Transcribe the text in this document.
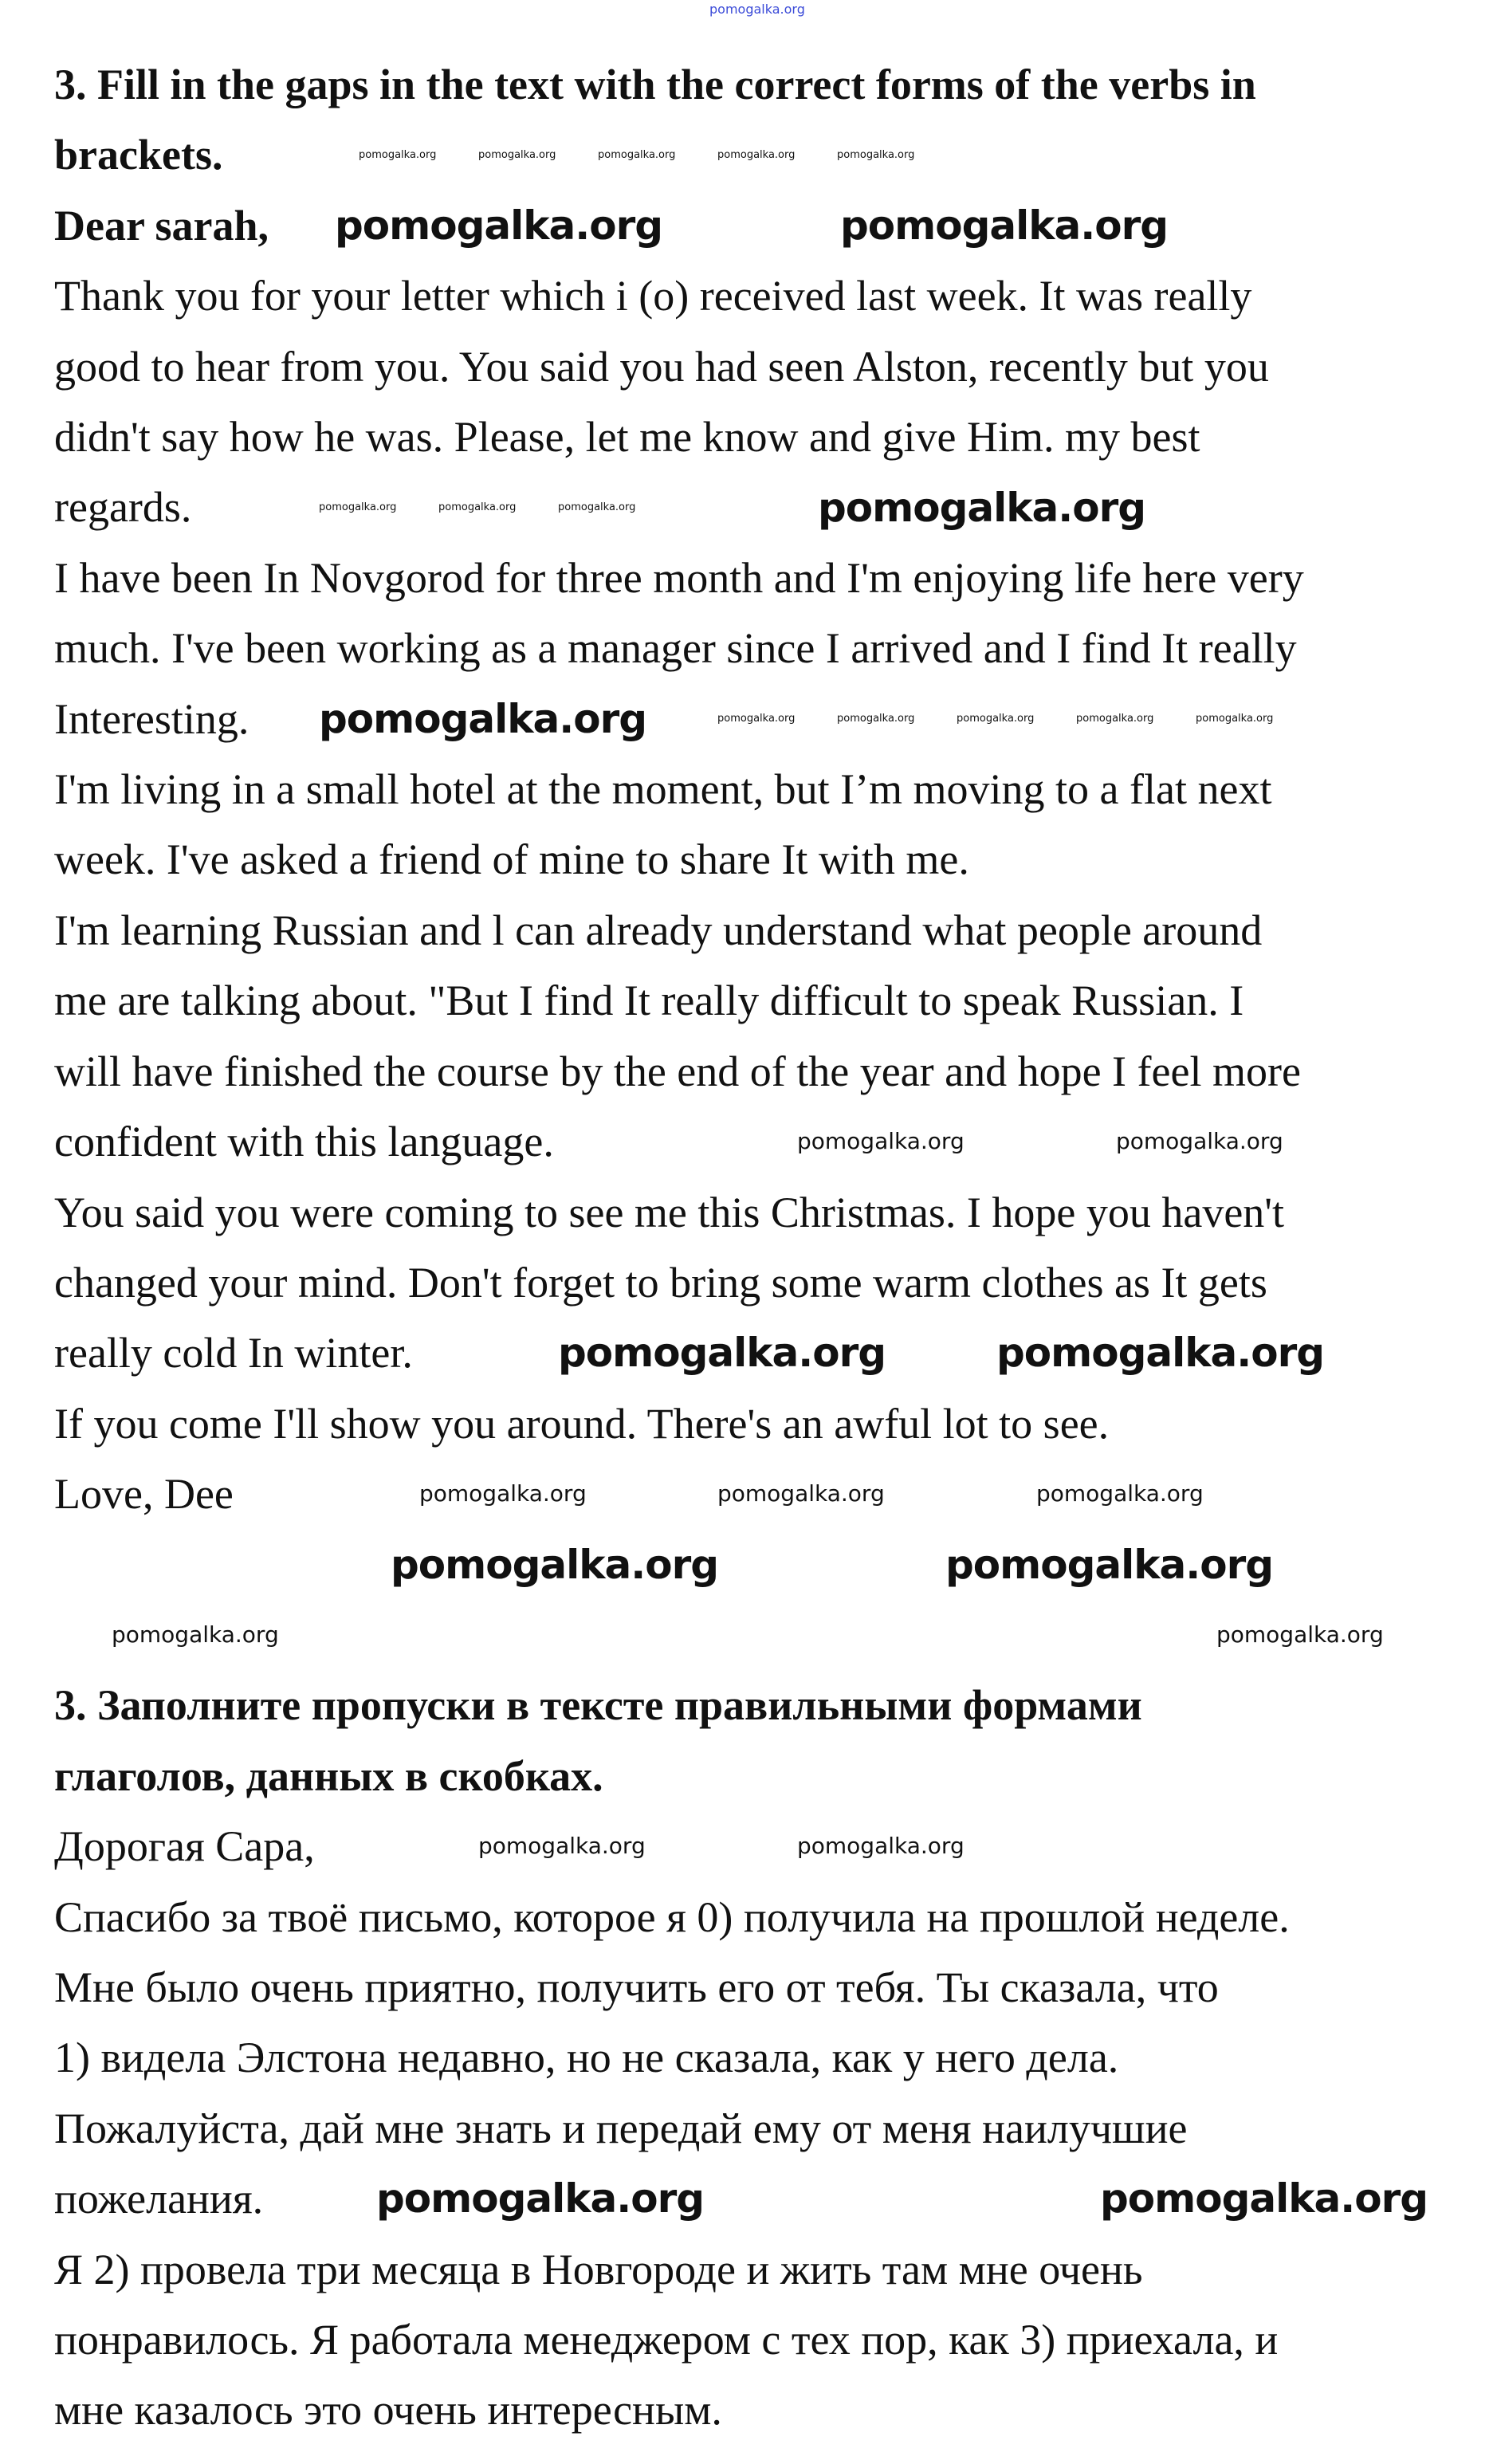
3. Fill in the gaps in the text with the correct forms of the verbs in

brackets.

Dear sarah,

Thank you for your letter which i (o) received last week. It was really

good to hear from you. You said you had seen Alston, recently but you

didn't say how he was. Please, let me know and give Him. my best

regards.

I have been In Novgorod for three month and I'm enjoying life here very

much. I've been working as a manager since I arrived and I find It really

Interesting.

I'm living in a small hotel at the moment, but I’m moving to a flat next

week. I've asked a friend of mine to share It with me.

I'm learning Russian and l can already understand what people around

me are talking about. "But I find It really difficult to speak Russian. I

will have finished the course by the end of the year and hope I feel more

confident with this language.

You said you were coming to see me this Christmas. I hope you haven't

changed your mind. Don't forget to bring some warm clothes as It gets

really cold In winter.

If you come I'll show you around. There's an awful lot to see.

Love, Dee

3. Заполните пропуски в тексте правильными формами

глаголов, данных в скобках.

Дорогая Сара,

Спасибо за твоё письмо, которое я 0) получила на прошлой неделе.

Мне было очень приятно, получить его от тебя. Ты сказала, что

1) видела Элстона недавно, но не сказала, как у него дела.

Пожалуйста, дай мне знать и передай ему от меня наилучшие

пожелания.

Я 2) провела три месяца в Новгороде и жить там мне очень

понравилось. Я работала менеджером с тех пор, как 3) приехала, и

мне казалось это очень интересным.

pomogalka.org
pomogalka.org	pomogalka.org
pomogalka.org
pomogalka.org
pomogalka.org	pomogalka.org
pomogalka.org	pomogalka.org
pomogalka.org	pomogalka.org
pomogalka.org	pomogalka.org
pomogalka.org	pomogalka.org	pomogalka.org
pomogalka.org	pomogalka.org
pomogalka.org	pomogalka.org
pomogalka.org	pomogalka.org	pomogalka.org	pomogalka.org	pomogalka.org
pomogalka.org	pomogalka.org	pomogalka.org
pomogalka.org	pomogalka.org	pomogalka.org	pomogalka.org	pomogalka.org
